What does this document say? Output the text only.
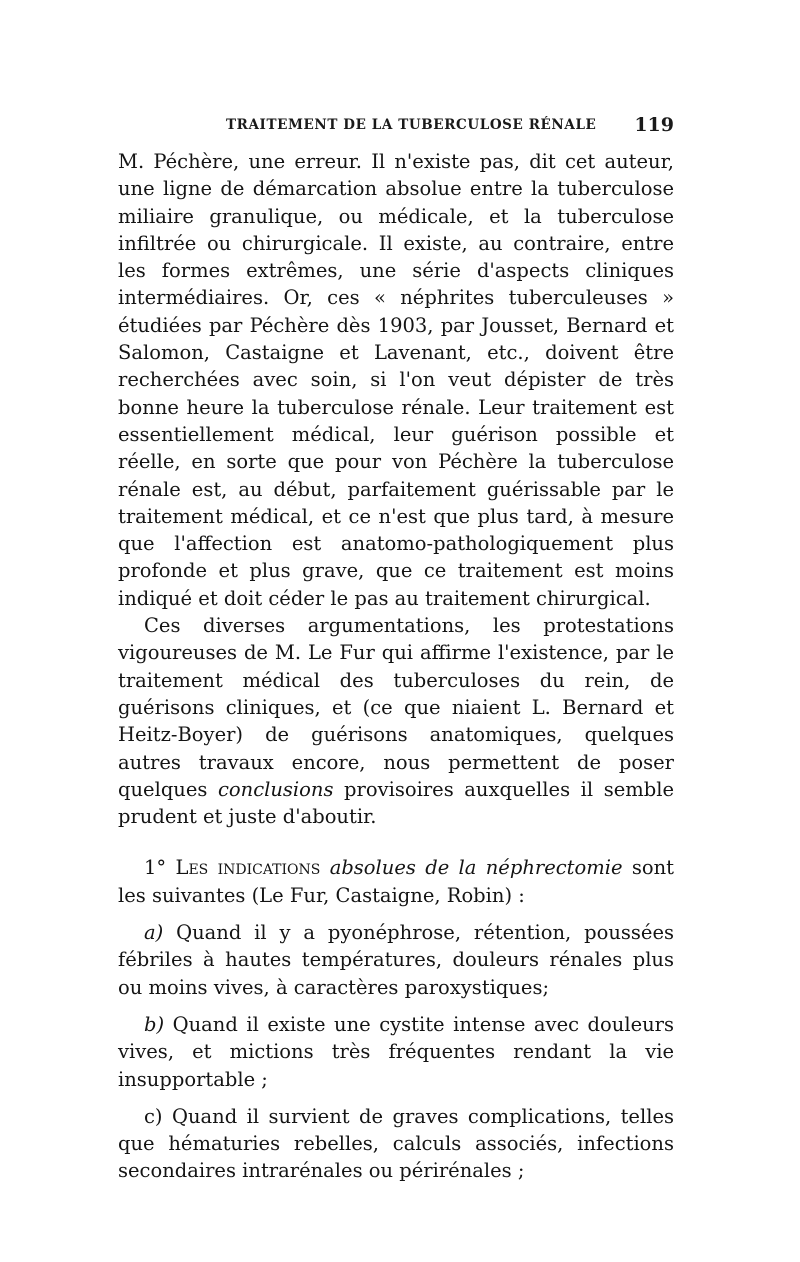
TRAITEMENT DE LA TUBERCULOSE RÉNALE 119

M. Péchère, une erreur. Il n'existe pas, dit cet auteur, une ligne de démarcation absolue entre la tuberculose miliaire granulique, ou médicale, et la tuberculose infiltrée ou chirurgicale. Il existe, au contraire, entre les formes extrêmes, une série d'aspects cliniques intermédiaires. Or, ces « néphrites tuberculeuses » étudiées par Péchère dès 1903, par Jousset, Bernard et Salomon, Castaigne et Lavenant, etc., doivent être recherchées avec soin, si l'on veut dépister de très bonne heure la tuberculose rénale. Leur traitement est essentiellement médical, leur guérison possible et réelle, en sorte que pour von Péchère la tuberculose rénale est, au début, parfaitement guérissable par le traitement médical, et ce n'est que plus tard, à mesure que l'affection est anatomo-pathologiquement plus profonde et plus grave, que ce traitement est moins indiqué et doit céder le pas au traitement chirurgical.

Ces diverses argumentations, les protestations vigoureuses de M. Le Fur qui affirme l'existence, par le traitement médical des tuberculoses du rein, de guérisons cliniques, et (ce que niaient L. Bernard et Heitz-Boyer) de guérisons anatomiques, quelques autres travaux encore, nous permettent de poser quelques conclusions provisoires auxquelles il semble prudent et juste d'aboutir.

1° Les indications absolues de la néphrectomie sont les suivantes (Le Fur, Castaigne, Robin) :

a) Quand il y a pyonéphrose, rétention, poussées fébriles à hautes températures, douleurs rénales plus ou moins vives, à caractères paroxystiques;

b) Quand il existe une cystite intense avec douleurs vives, et mictions très fréquentes rendant la vie insupportable ;

c) Quand il survient de graves complications, telles que hématuries rebelles, calculs associés, infections secondaires intrarénales ou périrénales ;
